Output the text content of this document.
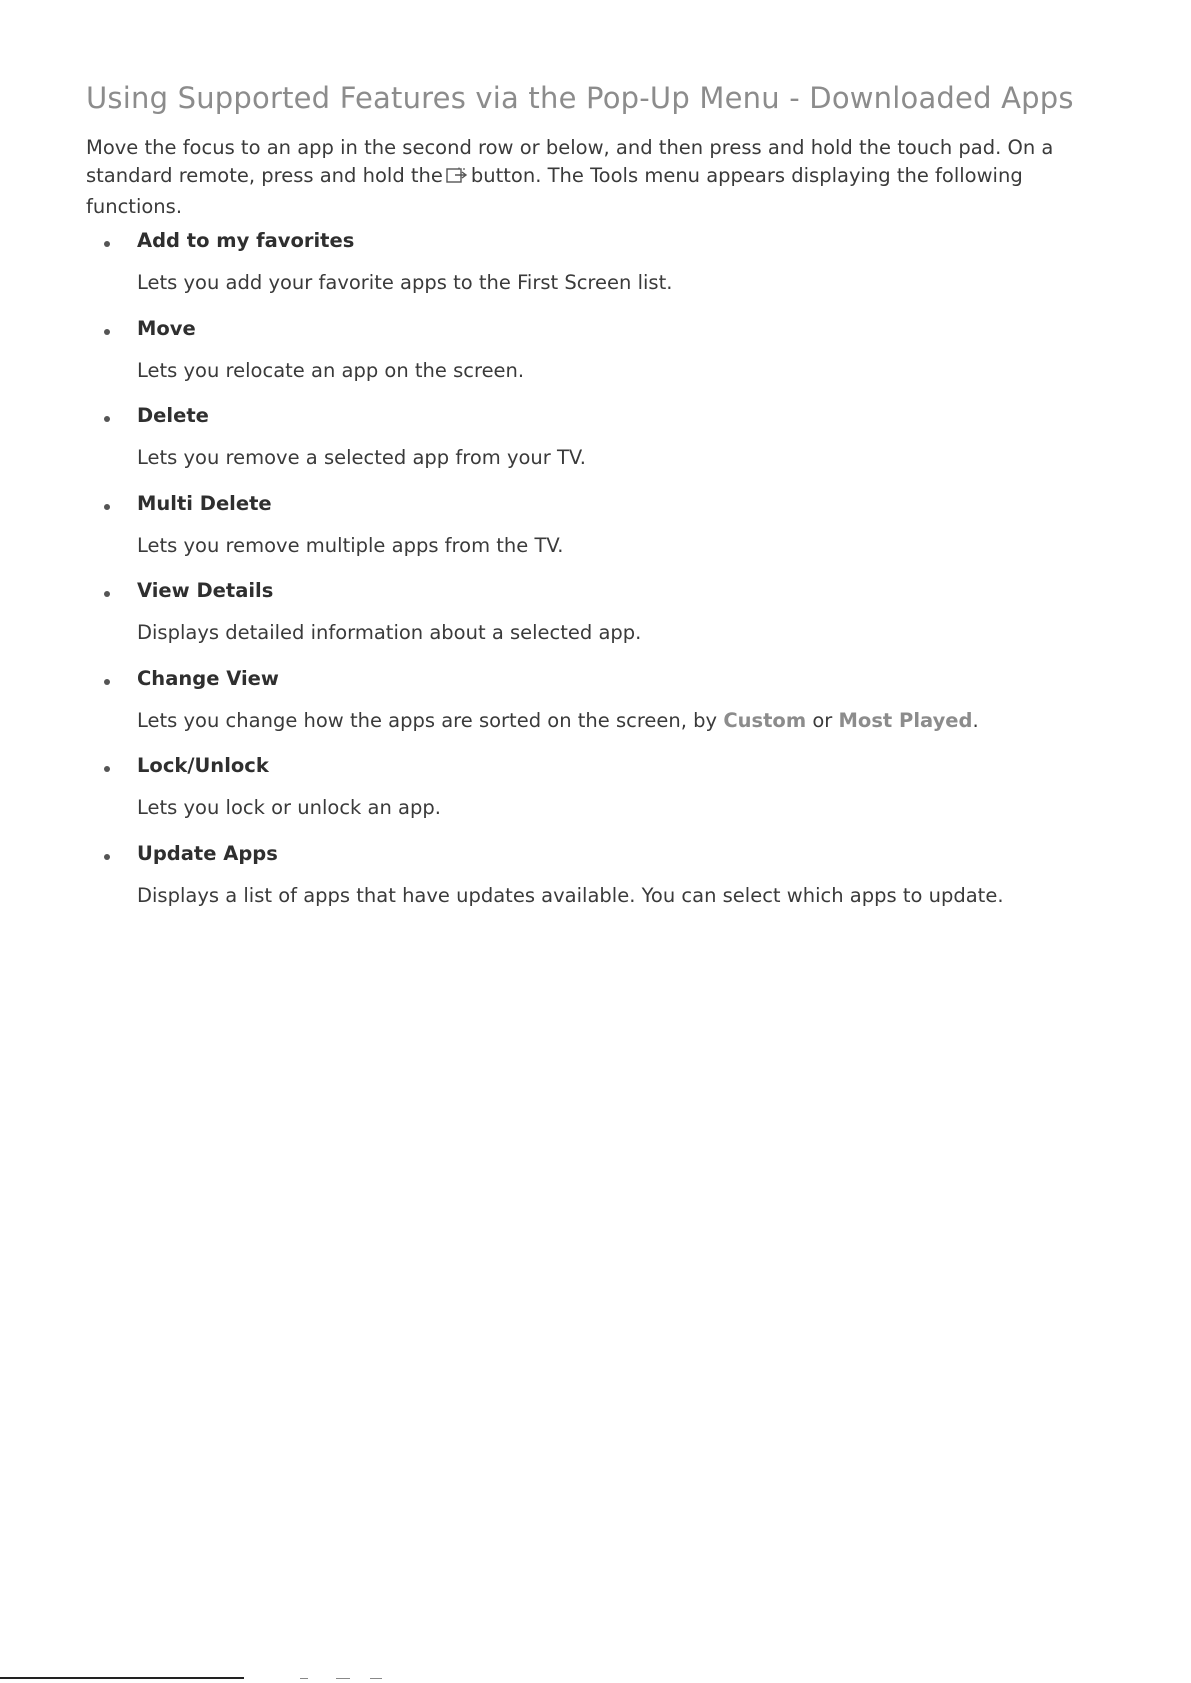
Using Supported Features via the Pop-Up Menu - Downloaded Apps

Move the focus to an app in the second row or below, and then press and hold the touch pad. On a standard remote, press and hold the button. The Tools menu appears displaying the following functions.

Add to my favorites
Lets you add your favorite apps to the First Screen list.
Move
Lets you relocate an app on the screen.
Delete
Lets you remove a selected app from your TV.
Multi Delete
Lets you remove multiple apps from the TV.
View Details
Displays detailed information about a selected app.
Change View
Lets you change how the apps are sorted on the screen, by Custom or Most Played.
Lock/Unlock
Lets you lock or unlock an app.
Update Apps
Displays a list of apps that have updates available. You can select which apps to update.
